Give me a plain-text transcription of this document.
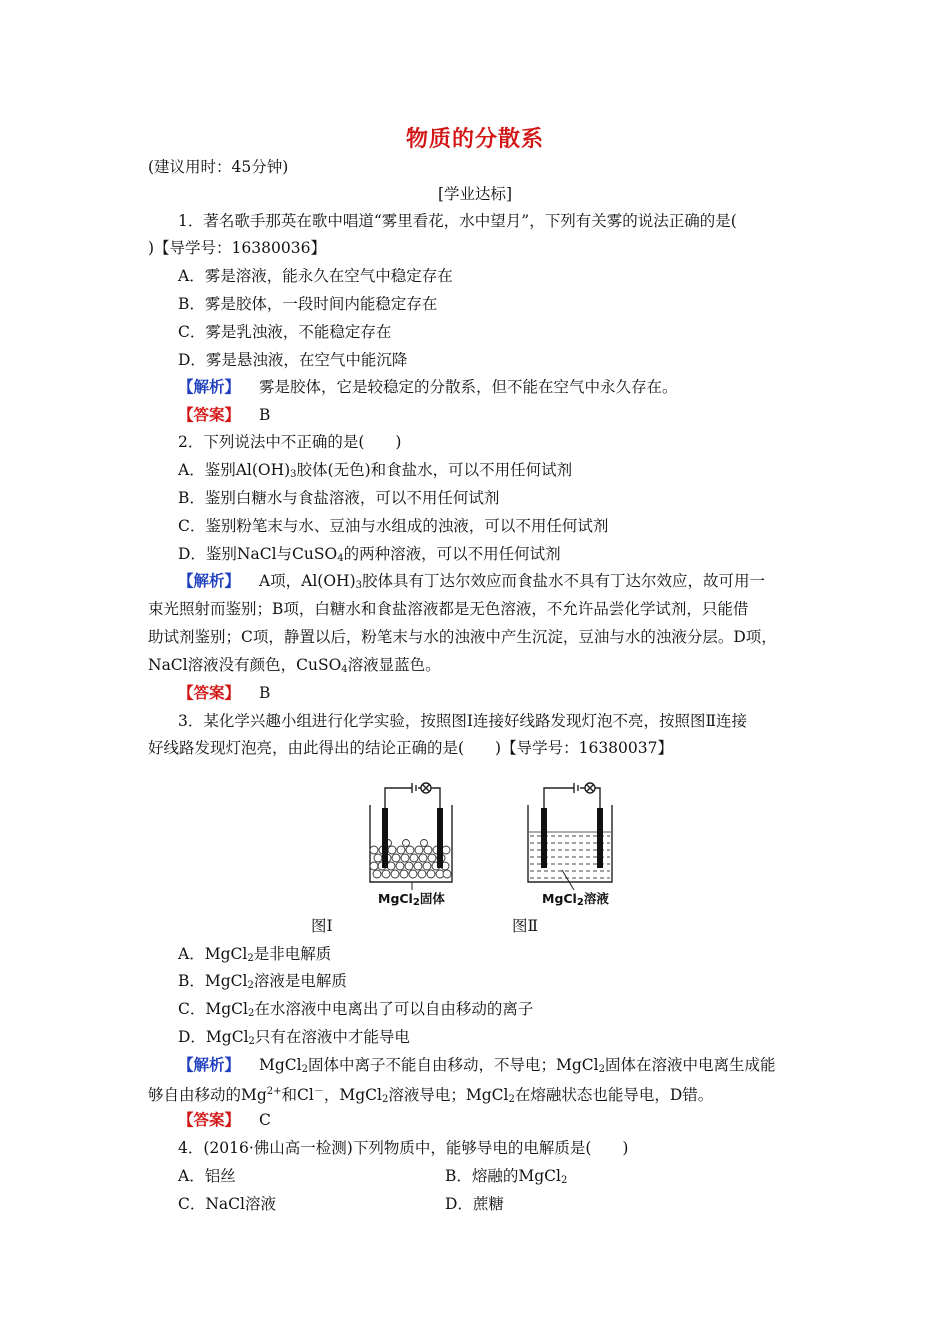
物质的分散系
(建议用时：45分钟)
[学业达标]
1．著名歌手那英在歌中唱道“雾里看花，水中望月”，下列有关雾的说法正确的是(
)【导学号：16380036】
A．雾是溶液，能永久在空气中稳定存在
B．雾是胶体，一段时间内能稳定存在
C．雾是乳浊液，不能稳定存在
D．雾是悬浊液，在空气中能沉降
【解析】 雾是胶体，它是较稳定的分散系，但不能在空气中永久存在。
【答案】 B
2．下列说法中不正确的是(　　)
A．鉴别$Al(OH)_3$胶体(无色)和食盐水，可以不用任何试剂
B．鉴别白糖水与食盐溶液，可以不用任何试剂
C．鉴别粉笔末与水、豆油与水组成的浊液，可以不用任何试剂
D．鉴别NaCl与CuSO$_4$的两种溶液，可以不用任何试剂
【解析】 A项，$Al(OH)_3$胶体具有丁达尔效应而食盐水不具有丁达尔效应，故可用一
束光照射而鉴别；B项，白糖水和食盐溶液都是无色溶液，不允许品尝化学试剂，只能借
助试剂鉴别；C项，静置以后，粉笔末与水的浊液中产生沉淀，豆油与水的浊液分层。D项，
NaCl溶液没有颜色，CuSO$_4$溶液显蓝色。
【答案】 B
3．某化学兴趣小组进行化学实验，按照图Ⅰ连接好线路发现灯泡不亮，按照图Ⅱ连接
好线路发现灯泡亮，由此得出的结论正确的是(　　)【导学号：16380037】
MgCl$_2$固体
图Ⅰ
MgCl$_2$溶液
图Ⅱ
A．MgCl$_2$是非电解质
B．MgCl$_2$溶液是电解质
C．MgCl$_2$在水溶液中电离出了可以自由移动的离子
D．MgCl$_2$只有在溶液中才能导电
【解析】 MgCl$_2$固体中离子不能自由移动，不导电；MgCl$_2$固体在溶液中电离生成能
够自由移动的$Mg^{2+}$和Cl－，MgCl$_2$溶液导电；MgCl$_2$在熔融状态也能导电，D错。
【答案】 C
4．(2016·佛山高一检测)下列物质中，能够导电的电解质是(　　)
A．铝丝	B．熔融的MgCl$_2$
C．NaCl溶液	D．蔗糖
